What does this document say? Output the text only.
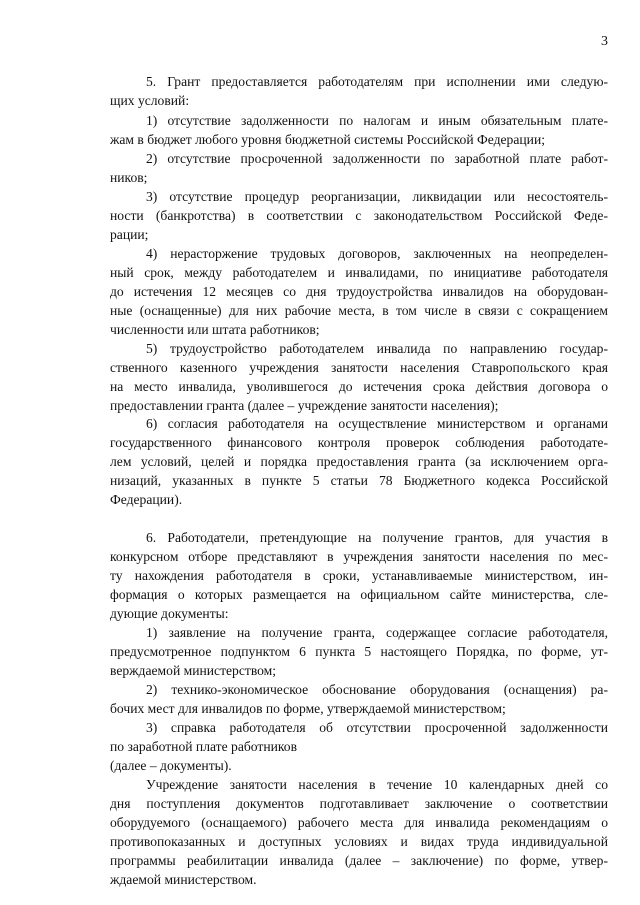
3
5. Грант предоставляется работодателям при исполнении ими следую-
щих условий:
1) отсутствие задолженности по налогам и иным обязательным плате-
жам в бюджет любого уровня бюджетной системы Российской Федерации;
2) отсутствие просроченной задолженности по заработной плате работ-
ников;
3) отсутствие процедур реорганизации, ликвидации или несостоятель-
ности (банкротства) в соответствии с законодательством Российской Феде-
рации;
4) нерасторжение трудовых договоров, заключенных на неопределен-
ный срок, между работодателем и инвалидами, по инициативе работодателя
до истечения 12 месяцев со дня трудоустройства инвалидов на оборудован-
ные (оснащенные) для них рабочие места, в том числе в связи с сокращением
численности или штата работников;
5) трудоустройство работодателем инвалида по направлению государ-
ственного казенного учреждения занятости населения Ставропольского края
на место инвалида, уволившегося до истечения срока действия договора о
предоставлении гранта (далее – учреждение занятости населения);
6) согласия работодателя на осуществление министерством и органами
государственного финансового контроля проверок соблюдения работодате-
лем условий, целей и порядка предоставления гранта (за исключением орга-
низаций, указанных в пункте 5 статьи 78 Бюджетного кодекса Российской
Федерации).
6. Работодатели, претендующие на получение грантов, для участия в
конкурсном отборе представляют в учреждения занятости населения по мес-
ту нахождения работодателя в сроки, устанавливаемые министерством, ин-
формация о которых размещается на официальном сайте министерства, сле-
дующие документы:
1) заявление на получение гранта, содержащее согласие работодателя,
предусмотренное подпунктом 6 пункта 5 настоящего Порядка, по форме, ут-
верждаемой министерством;
2) технико-экономическое обоснование оборудования (оснащения) ра-
бочих мест для инвалидов по форме, утверждаемой министерством;
3) справка работодателя об отсутствии просроченной задолженности
по заработной плате работников
(далее – документы).
Учреждение занятости населения в течение 10 календарных дней со
дня поступления документов подготавливает заключение о соответствии
оборудуемого (оснащаемого) рабочего места для инвалида рекомендациям о
противопоказанных и доступных условиях и видах труда индивидуальной
программы реабилитации инвалида (далее – заключение) по форме, утвер-
ждаемой министерством.
